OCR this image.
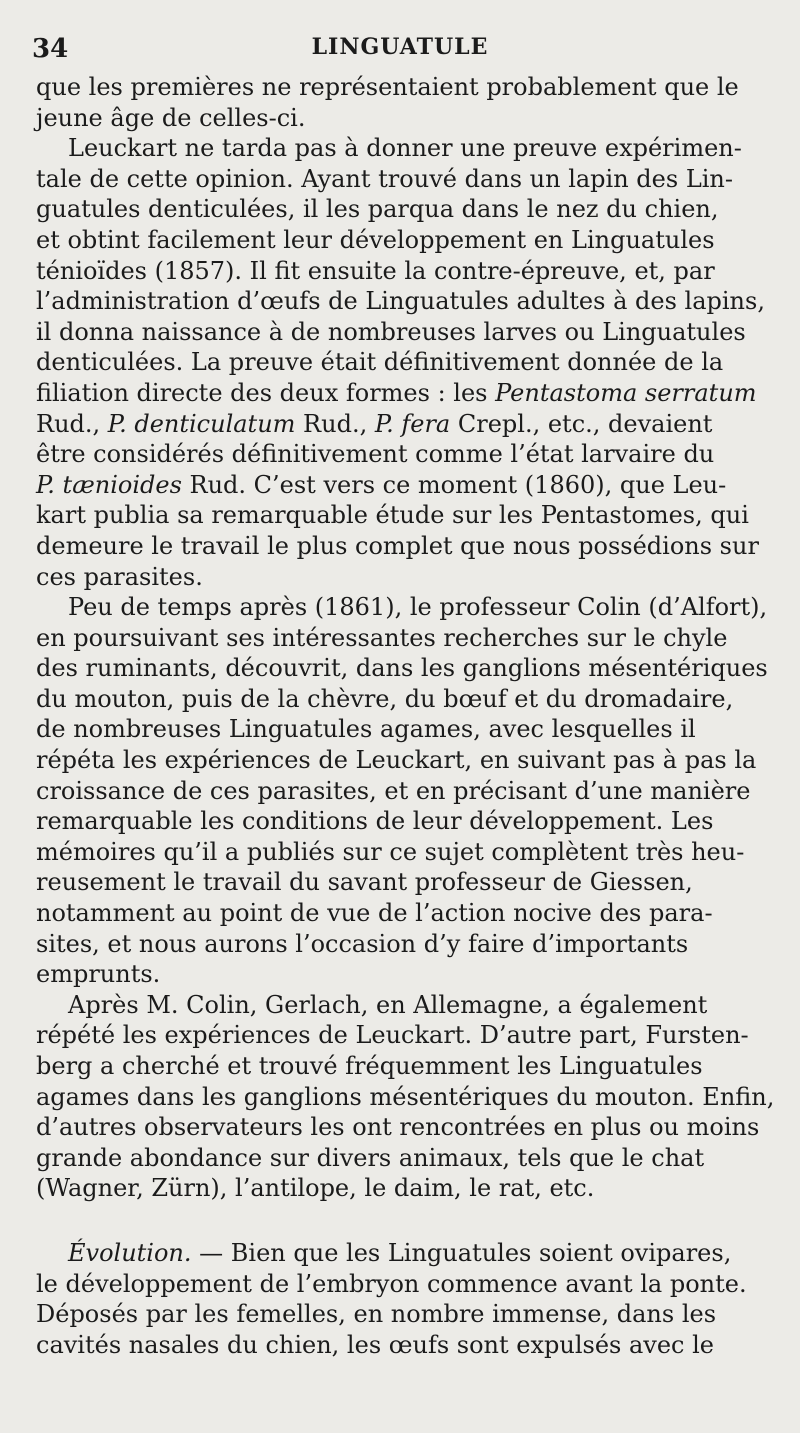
34	LINGUATULE
que les premières ne représentaient probablement que le
jeune âge de celles-ci.
Leuckart ne tarda pas à donner une preuve expérimen-
tale de cette opinion. Ayant trouvé dans un lapin des Lin-
guatules denticulées, il les parqua dans le nez du chien,
et obtint facilement leur développement en Linguatules
ténioïdes (1857). Il fit ensuite la contre-épreuve, et, par
l’administration d’œufs de Linguatules adultes à des lapins,
il donna naissance à de nombreuses larves ou Linguatules
denticulées. La preuve était définitivement donnée de la
filiation directe des deux formes : les Pentastoma serratum
Rud., P. denticulatum Rud., P. fera Crepl., etc., devaient
être considérés définitivement comme l’état larvaire du
P. tænioides Rud. C’est vers ce moment (1860), que Leu-
kart publia sa remarquable étude sur les Pentastomes, qui
demeure le travail le plus complet que nous possédions sur
ces parasites.
Peu de temps après (1861), le professeur Colin (d’Alfort),
en poursuivant ses intéressantes recherches sur le chyle
des ruminants, découvrit, dans les ganglions mésentériques
du mouton, puis de la chèvre, du bœuf et du dromadaire,
de nombreuses Linguatules agames, avec lesquelles il
répéta les expériences de Leuckart, en suivant pas à pas la
croissance de ces parasites, et en précisant d’une manière
remarquable les conditions de leur développement. Les
mémoires qu’il a publiés sur ce sujet complètent très heu-
reusement le travail du savant professeur de Giessen,
notamment au point de vue de l’action nocive des para-
sites, et nous aurons l’occasion d’y faire d’importants
emprunts.
Après M. Colin, Gerlach, en Allemagne, a également
répété les expériences de Leuckart. D’autre part, Fursten-
berg a cherché et trouvé fréquemment les Linguatules
agames dans les ganglions mésentériques du mouton. Enfin,
d’autres observateurs les ont rencontrées en plus ou moins
grande abondance sur divers animaux, tels que le chat
(Wagner, Zürn), l’antilope, le daim, le rat, etc.
Évolution. — Bien que les Linguatules soient ovipares,
le développement de l’embryon commence avant la ponte.
Déposés par les femelles, en nombre immense, dans les
cavités nasales du chien, les œufs sont expulsés avec le
